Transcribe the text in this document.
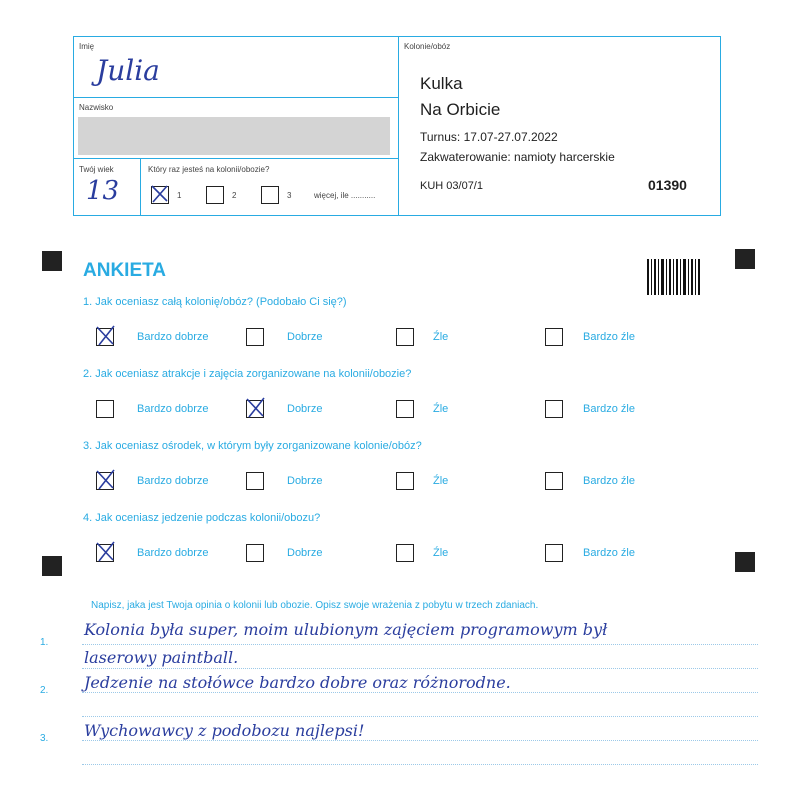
Imię
Julia
Nazwisko
Twój wiek
13
Który raz jesteś na kolonii/obozie?
1	2	3	więcej, ile ...........
Kolonie/obóz
Kulka
Na Orbicie
Turnus: 17.07-27.07.2022
Zakwaterowanie: namioty harcerskie
KUH 03/07/1	01390
ANKIETA
1. Jak oceniasz całą kolonię/obóz? (Podobało Ci się?)
Bardzo dobrze	Dobrze	Źle	Bardzo źle
2. Jak oceniasz atrakcje i zajęcia zorganizowane na kolonii/obozie?
Bardzo dobrze	Dobrze	Źle	Bardzo źle
3. Jak oceniasz ośrodek, w którym były zorganizowane kolonie/obóz?
Bardzo dobrze	Dobrze	Źle	Bardzo źle
4. Jak oceniasz jedzenie podczas kolonii/obozu?
Bardzo dobrze	Dobrze	Źle	Bardzo źle
Napisz, jaka jest Twoja opinia o kolonii lub obozie. Opisz swoje wrażenia z pobytu w trzech zdaniach.
1.
2.
3.
Kolonia była super, moim ulubionym zajęciem programowym był
laserowy paintball.
Jedzenie na stołówce bardzo dobre oraz różnorodne.
Wychowawcy z podobozu najlepsi!
